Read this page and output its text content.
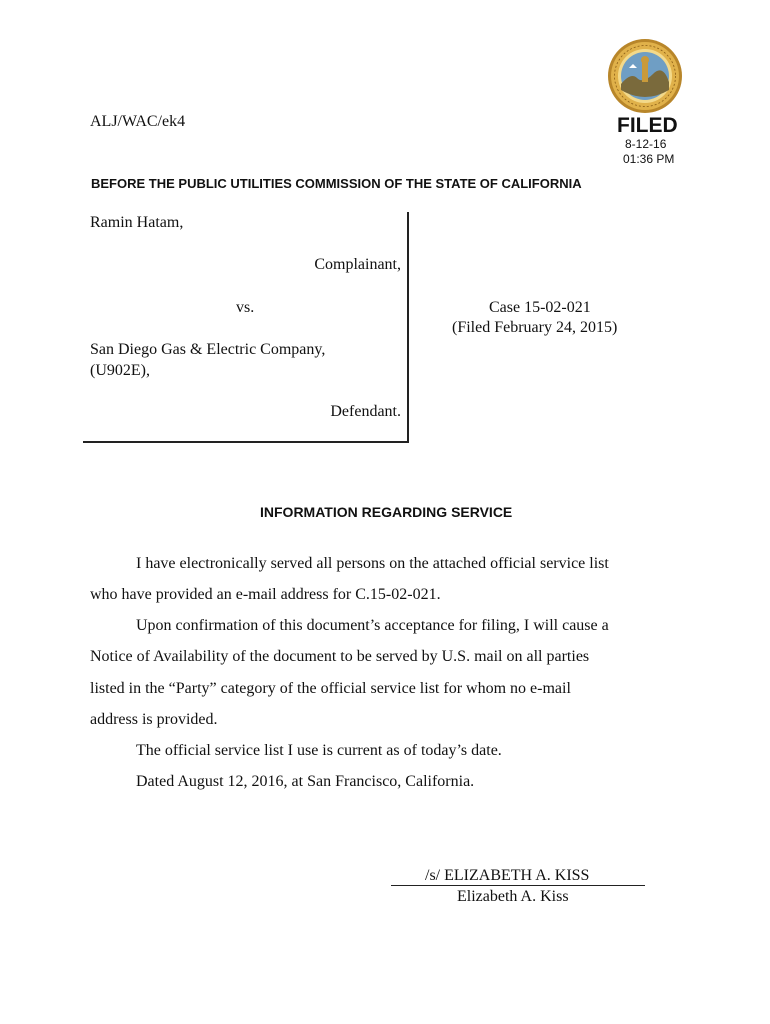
FILED
8-12-16
01:36 PM
ALJ/WAC/ek4
BEFORE THE PUBLIC UTILITIES COMMISSION OF THE STATE OF CALIFORNIA
Ramin Hatam,
Complainant,
vs.
San Diego Gas & Electric Company,
(U902E),
Defendant.
Case 15-02-021
(Filed February 24, 2015)
INFORMATION REGARDING SERVICE
I have electronically served all persons on the attached official service list
who have provided an e-mail address for C.15-02-021.
Upon confirmation of this document’s acceptance for filing, I will cause a
Notice of Availability of the document to be served by U.S. mail on all parties
listed in the “Party” category of the official service list for whom no e-mail
address is provided.
The official service list I use is current as of today’s date.
Dated August 12, 2016, at San Francisco, California.
/s/ ELIZABETH A. KISS
Elizabeth A. Kiss
